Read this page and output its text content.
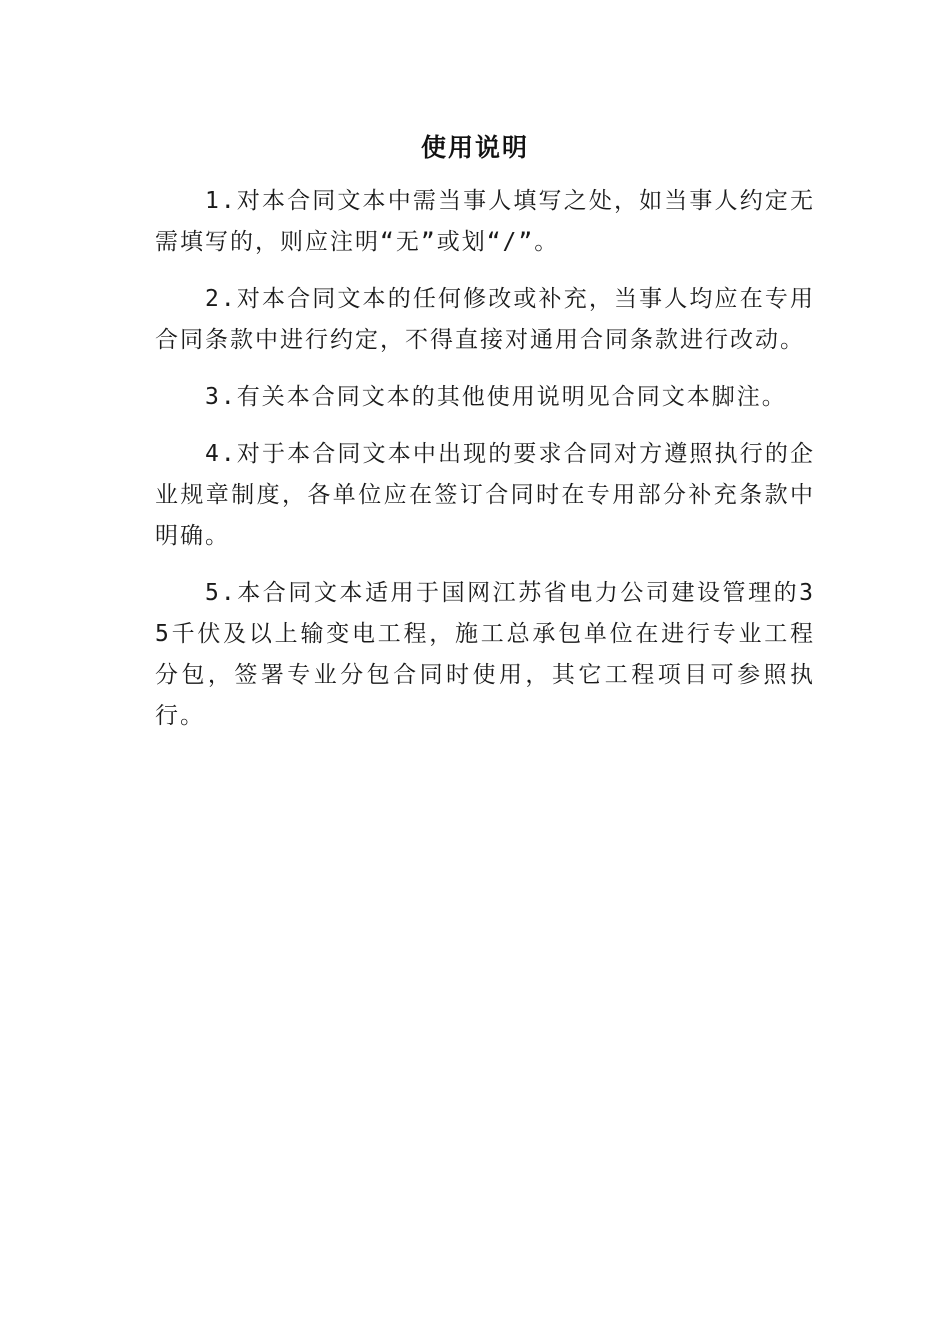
使用说明

1.对本合同文本中需当事人填写之处，如当事人约定无需填写的，则应注明“无”或划“/”。

2.对本合同文本的任何修改或补充，当事人均应在专用合同条款中进行约定，不得直接对通用合同条款进行改动。

3.有关本合同文本的其他使用说明见合同文本脚注。

4.对于本合同文本中出现的要求合同对方遵照执行的企业规章制度，各单位应在签订合同时在专用部分补充条款中明确。

5.本合同文本适用于国网江苏省电力公司建设管理的35千伏及以上输变电工程，施工总承包单位在进行专业工程分包，签署专业分包合同时使用，其它工程项目可参照执行。
